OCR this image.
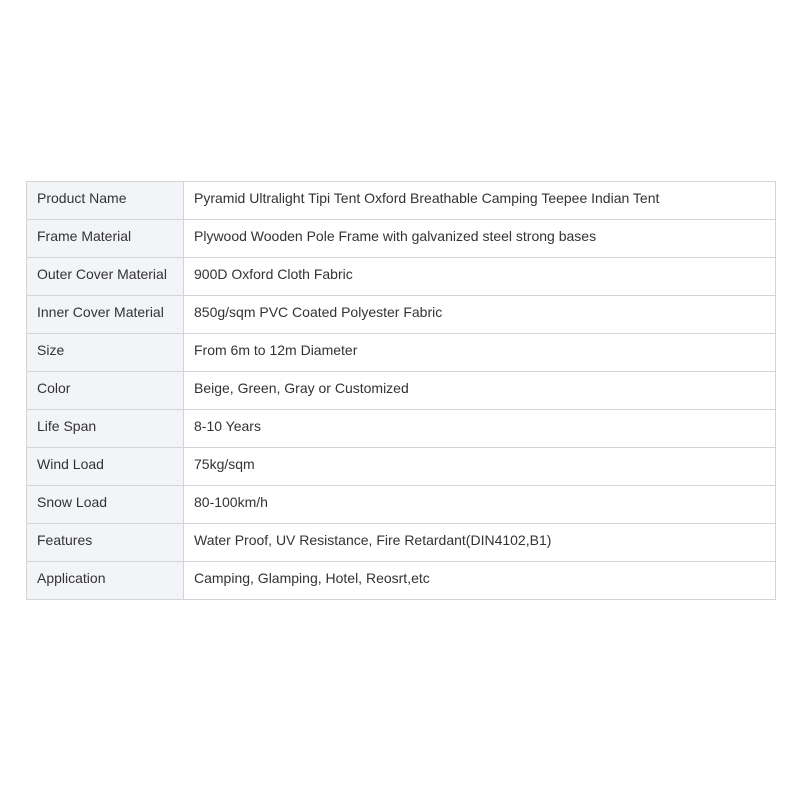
Product Name	Pyramid Ultralight Tipi Tent Oxford Breathable Camping Teepee Indian Tent
Frame Material	Plywood Wooden Pole Frame with galvanized steel strong bases
Outer Cover Material	900D Oxford Cloth Fabric
Inner Cover Material	850g/sqm PVC Coated Polyester Fabric
Size	From 6m to 12m Diameter
Color	Beige, Green, Gray or Customized
Life Span	8-10 Years
Wind Load	75kg/sqm
Snow Load	80-100km/h
Features	Water Proof, UV Resistance, Fire Retardant(DIN4102,B1)
Application	Camping, Glamping, Hotel, Reosrt,etc
